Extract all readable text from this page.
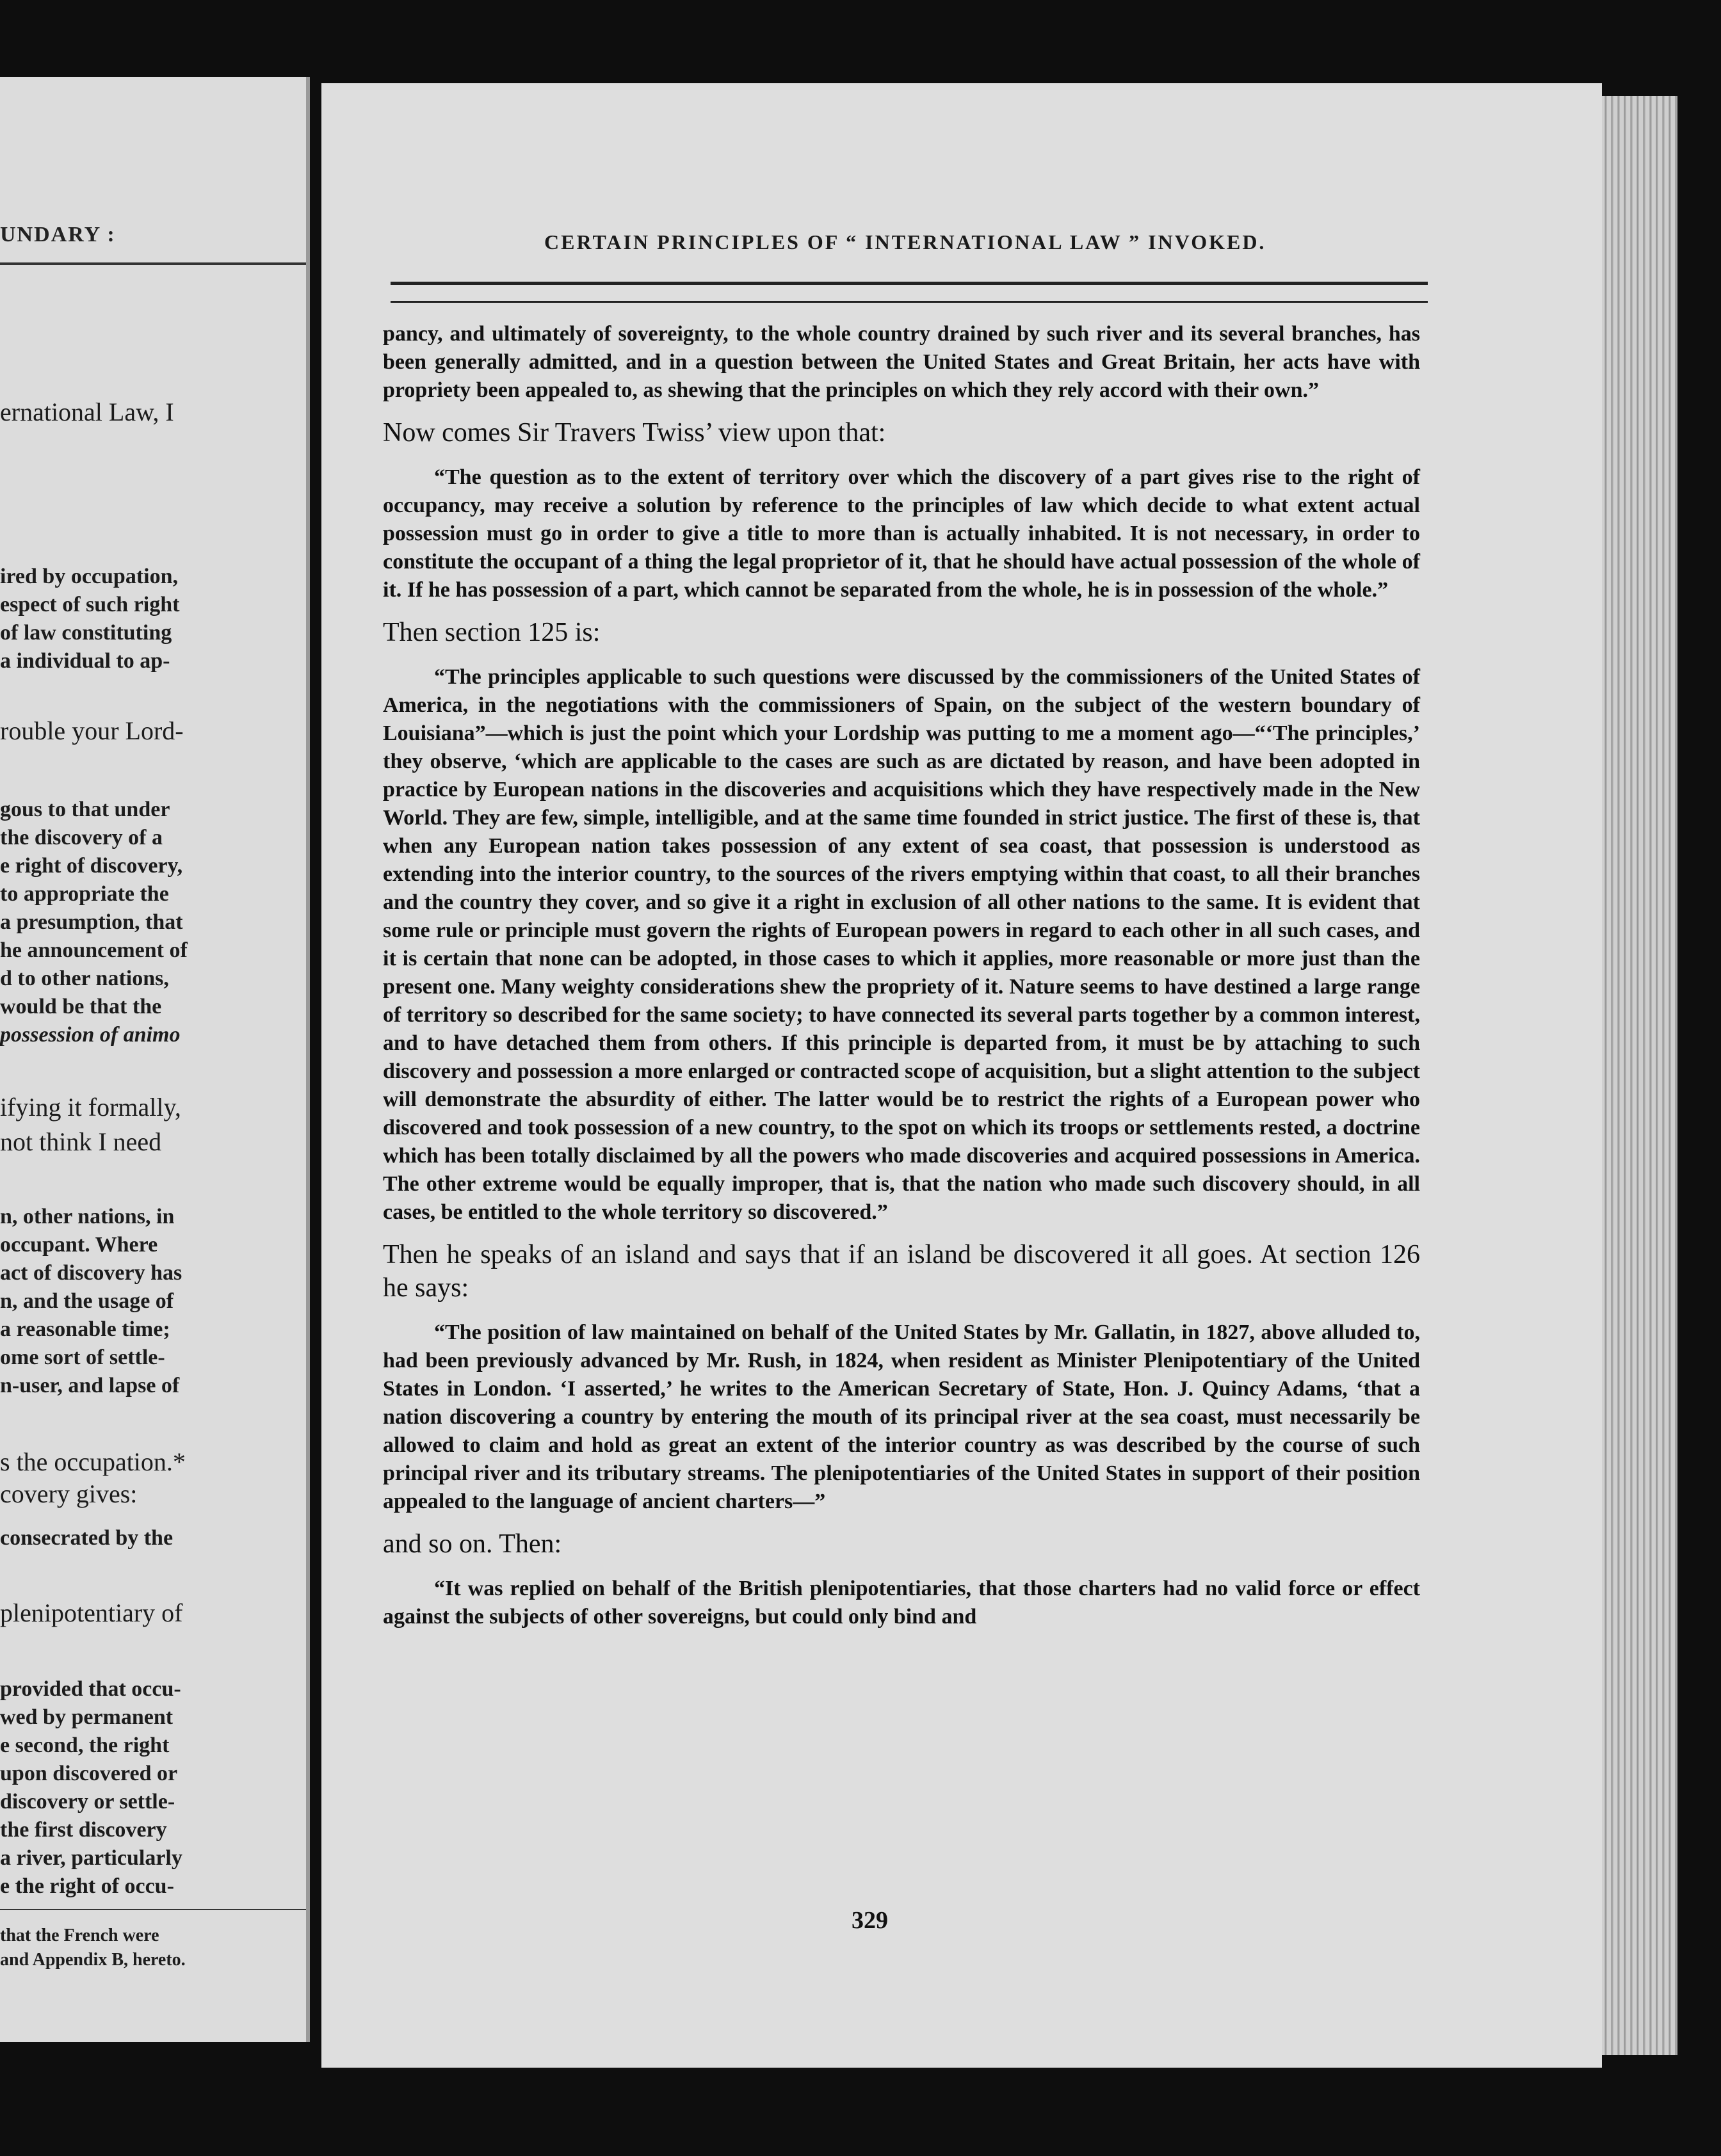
UNDARY :
ernational Law, I
ired by occupation,
espect of such right
of law constituting
a individual to ap-
rouble your Lord-
gous to that under
the discovery of a
e right of discovery,
to appropriate the
a presumption, that
he announcement of
d to other nations,
would be that the
possession of animo
ifying it formally,
not think I need
n, other nations, in
occupant. Where
act of discovery has
n, and the usage of
a reasonable time;
ome sort of settle-
n-user, and lapse of
s the occupation.*
covery gives:
consecrated by the
plenipotentiary of
provided that occu-
wed by permanent
e second, the right
upon discovered or
discovery or settle-
the first discovery
a river, particularly
e the right of occu-
that the French were
and Appendix B, hereto.
CERTAIN PRINCIPLES OF “ INTERNATIONAL LAW ” INVOKED.

pancy, and ultimately of sovereignty, to the whole country drained by such river and its several branches, has been generally admitted, and in a question between the United States and Great Britain, her acts have with propriety been appealed to, as shewing that the principles on which they rely accord with their own.”

Now comes Sir Travers Twiss’ view upon that:

“The question as to the extent of territory over which the discovery of a part gives rise to the right of occupancy, may receive a solution by reference to the principles of law which decide to what extent actual possession must go in order to give a title to more than is actually inhabited. It is not necessary, in order to constitute the occupant of a thing the legal proprietor of it, that he should have actual possession of the whole of it. If he has possession of a part, which cannot be separated from the whole, he is in possession of the whole.”

Then section 125 is:

“The principles applicable to such questions were discussed by the commissioners of the United States of America, in the negotiations with the commissioners of Spain, on the subject of the western boundary of Louisiana”—which is just the point which your Lordship was putting to me a moment ago—“‘The principles,’ they observe, ‘which are applicable to the cases are such as are dictated by reason, and have been adopted in practice by European nations in the discoveries and acquisitions which they have respectively made in the New World. They are few, simple, intelligible, and at the same time founded in strict justice. The first of these is, that when any European nation takes possession of any extent of sea coast, that possession is understood as extending into the interior country, to the sources of the rivers emptying within that coast, to all their branches and the country they cover, and so give it a right in exclusion of all other nations to the same. It is evident that some rule or principle must govern the rights of European powers in regard to each other in all such cases, and it is certain that none can be adopted, in those cases to which it applies, more reasonable or more just than the present one. Many weighty considerations shew the propriety of it. Nature seems to have destined a large range of territory so described for the same society; to have connected its several parts together by a common interest, and to have detached them from others. If this principle is departed from, it must be by attaching to such discovery and possession a more enlarged or contracted scope of acquisition, but a slight attention to the subject will demonstrate the absurdity of either. The latter would be to restrict the rights of a European power who discovered and took possession of a new country, to the spot on which its troops or settlements rested, a doctrine which has been totally disclaimed by all the powers who made discoveries and acquired possessions in America. The other extreme would be equally improper, that is, that the nation who made such discovery should, in all cases, be entitled to the whole territory so discovered.”

Then he speaks of an island and says that if an island be discovered it all goes. At section 126 he says:

“The position of law maintained on behalf of the United States by Mr. Gallatin, in 1827, above alluded to, had been previously advanced by Mr. Rush, in 1824, when resident as Minister Plenipotentiary of the United States in London. ‘I asserted,’ he writes to the American Secretary of State, Hon. J. Quincy Adams, ‘that a nation discovering a country by entering the mouth of its principal river at the sea coast, must necessarily be allowed to claim and hold as great an extent of the interior country as was described by the course of such principal river and its tributary streams. The plenipotentiaries of the United States in support of their position appealed to the language of ancient charters—”

and so on. Then:

“It was replied on behalf of the British plenipotentiaries, that those charters had no valid force or effect against the subjects of other sovereigns, but could only bind and

329
